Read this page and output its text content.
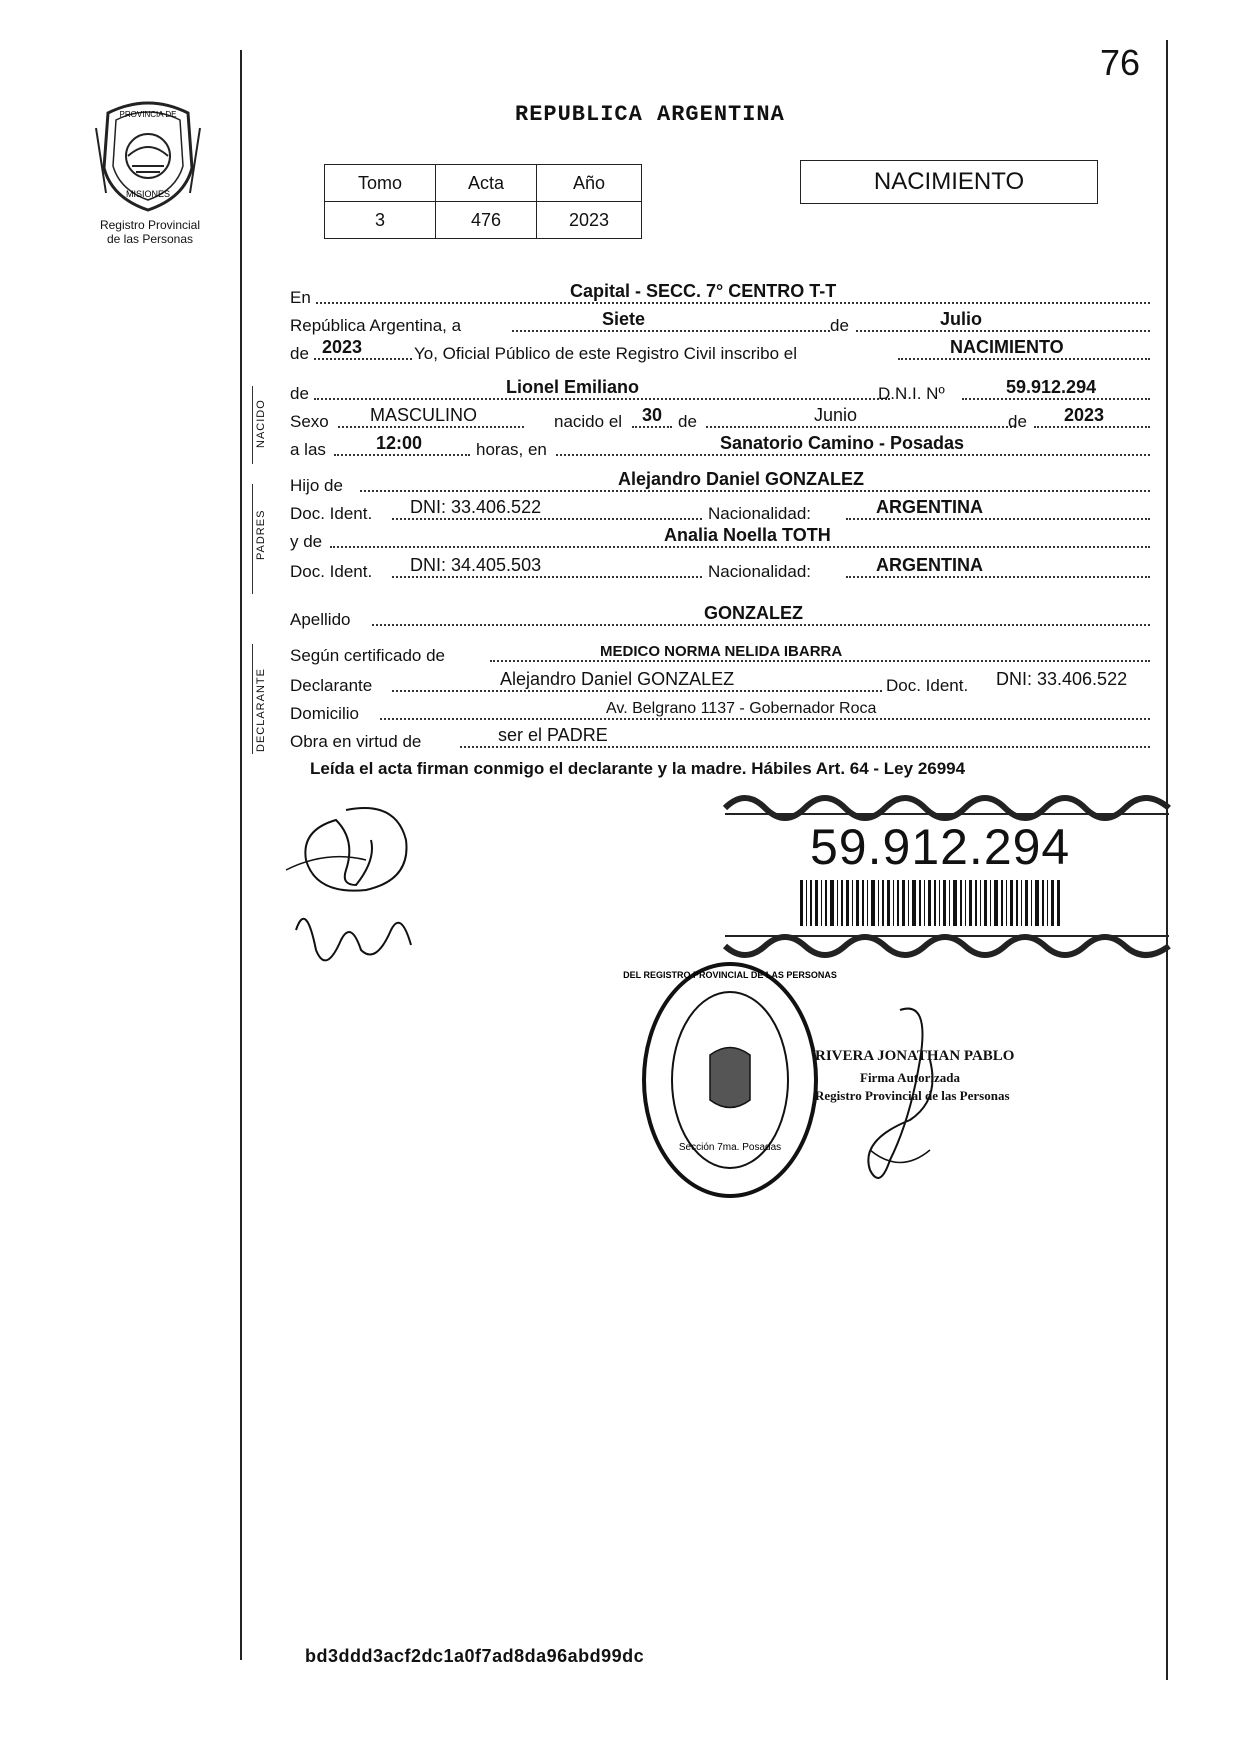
76
PROVINCIA DE
MISIONES
Registro Provincial
de las Personas
REPUBLICA ARGENTINA
Tomo	Acta	Año
3	476	2023
NACIMIENTO
NACIDO
PADRES
DECLARANTE
En	Capital - SECC. 7° CENTRO T-T
República Argentina, a	Siete	de	Julio
de 2023	Yo, Oficial Público de este Registro Civil inscribo el	NACIMIENTO
de	Lionel Emiliano	D.N.I. Nº	59.912.294
Sexo MASCULINO	nacido el 30 de	Junio	de 2023
a las	12:00	horas, en	Sanatorio Camino - Posadas
Hijo de	Alejandro Daniel GONZALEZ
Doc. Ident. DNI: 33.406.522	Nacionalidad:	ARGENTINA
y de	Analia Noella TOTH
Doc. Ident. DNI: 34.405.503	Nacionalidad:	ARGENTINA
Apellido	GONZALEZ
Según certificado de	MEDICO NORMA NELIDA IBARRA
Declarante	Alejandro Daniel GONZALEZ	Doc. Ident. DNI: 33.406.522
Domicilio	Av. Belgrano 1137 - Gobernador Roca
Obra en virtud de	ser el PADRE
Leída el acta firman conmigo el declarante y la madre. Hábiles Art. 64 - Ley 26994
59.912.294
DEL REGISTRO PROVINCIAL DE LAS PERSONAS
Sección 7ma. Posadas
RIVERA JONATHAN PABLO
Firma Autorizada
Registro Provincial de las Personas
bd3ddd3acf2dc1a0f7ad8da96abd99dc
